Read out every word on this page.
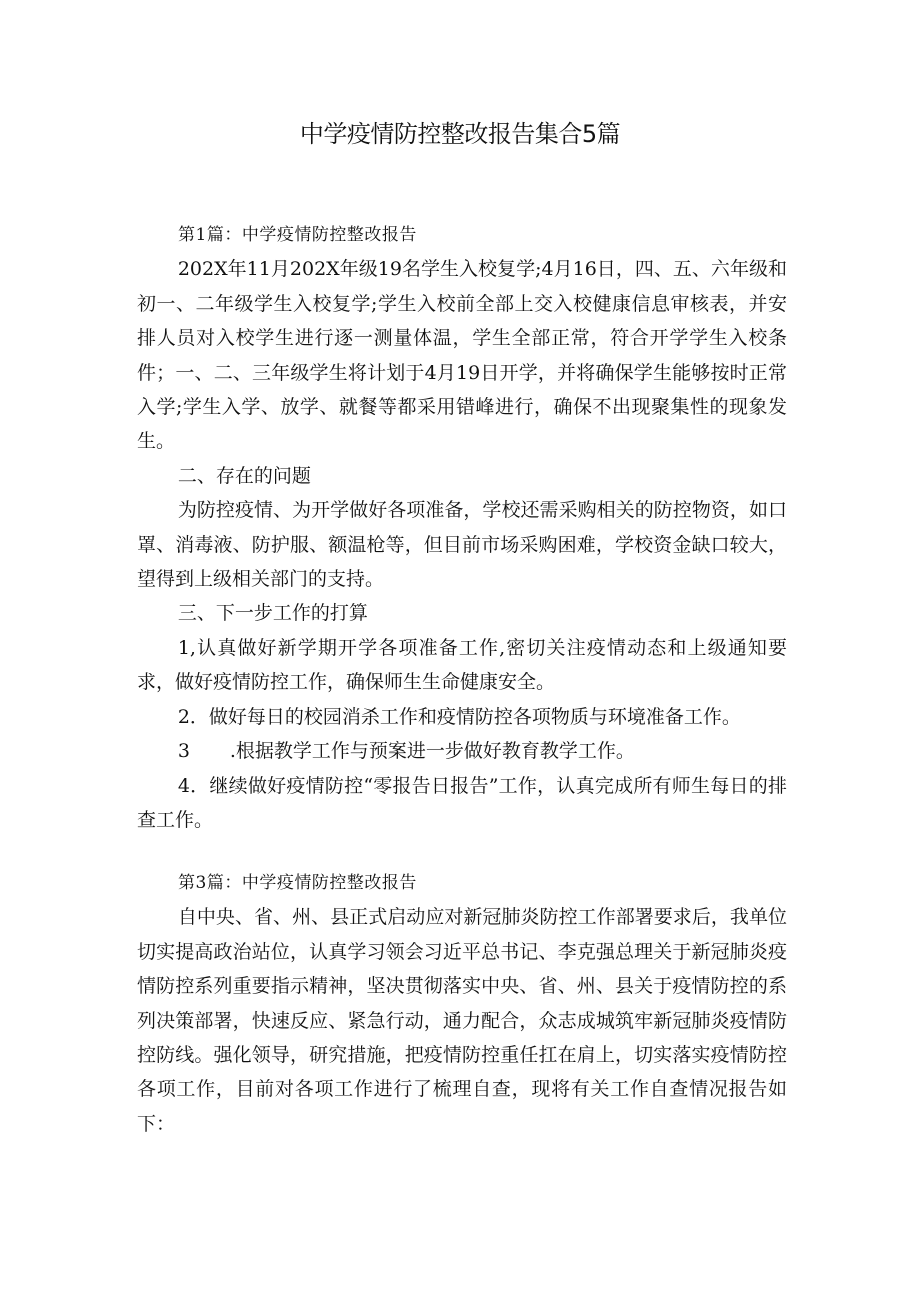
中学疫情防控整改报告集合5篇

第1篇：中学疫情防控整改报告

202X年11月202X年级19名学生入校复学;4月16日，四、五、六年级和初一、二年级学生入校复学;学生入校前全部上交入校健康信息审核表，并安排人员对入校学生进行逐一测量体温，学生全部正常，符合开学学生入校条件；一、二、三年级学生将计划于4月19日开学，并将确保学生能够按时正常入学;学生入学、放学、就餐等都采用错峰进行，确保不出现聚集性的现象发生。

二、存在的问题

为防控疫情、为开学做好各项准备，学校还需采购相关的防控物资，如口罩、消毒液、防护服、额温枪等，但目前市场采购困难，学校资金缺口较大，望得到上级相关部门的支持。

三、下一步工作的打算

1,认真做好新学期开学各项准备工作,密切关注疫情动态和上级通知要求，做好疫情防控工作，确保师生生命健康安全。

2．做好每日的校园消杀工作和疫情防控各项物质与环境准备工作。

3 .根据教学工作与预案进一步做好教育教学工作。

4．继续做好疫情防控“零报告日报告”工作，认真完成所有师生每日的排查工作。

第3篇：中学疫情防控整改报告

自中央、省、州、县正式启动应对新冠肺炎防控工作部署要求后，我单位切实提高政治站位，认真学习领会习近平总书记、李克强总理关于新冠肺炎疫情防控系列重要指示精神，坚决贯彻落实中央、省、州、县关于疫情防控的系列决策部署，快速反应、紧急行动，通力配合，众志成城筑牢新冠肺炎疫情防控防线。强化领导，研究措施，把疫情防控重任扛在肩上，切实落实疫情防控各项工作，目前对各项工作进行了梳理自查，现将有关工作自查情况报告如下：
